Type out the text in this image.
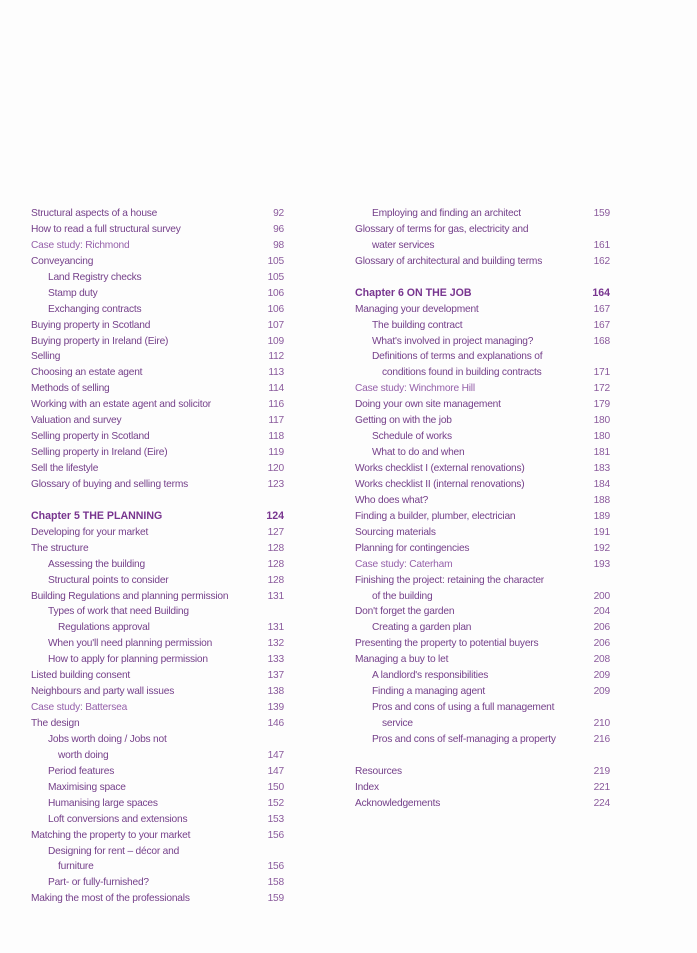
Structural aspects of a house	92
How to read a full structural survey	96
Case study: Richmond	98
Conveyancing	105
Land Registry checks	105
Stamp duty	106
Exchanging contracts	106
Buying property in Scotland	107
Buying property in Ireland (Eire)	109
Selling	112
Choosing an estate agent	113
Methods of selling	114
Working with an estate agent and solicitor	116
Valuation and survey	117
Selling property in Scotland	118
Selling property in Ireland (Eire)	119
Sell the lifestyle	120
Glossary of buying and selling terms	123
Chapter 5 THE PLANNING	124
Developing for your market	127
The structure	128
Assessing the building	128
Structural points to consider	128
Building Regulations and planning permission	131
Types of work that need Building
Regulations approval	131
When you'll need planning permission	132
How to apply for planning permission	133
Listed building consent	137
Neighbours and party wall issues	138
Case study: Battersea	139
The design	146
Jobs worth doing / Jobs not
worth doing	147
Period features	147
Maximising space	150
Humanising large spaces	152
Loft conversions and extensions	153
Matching the property to your market	156
Designing for rent – décor and
furniture	156
Part- or fully-furnished?	158
Making the most of the professionals	159
Employing and finding an architect	159
Glossary of terms for gas, electricity and
water services	161
Glossary of architectural and building terms	162
Chapter 6 ON THE JOB	164
Managing your development	167
The building contract	167
What's involved in project managing?	168
Definitions of terms and explanations of
conditions found in building contracts	171
Case study: Winchmore Hill	172
Doing your own site management	179
Getting on with the job	180
Schedule of works	180
What to do and when	181
Works checklist I (external renovations)	183
Works checklist II (internal renovations)	184
Who does what?	188
Finding a builder, plumber, electrician	189
Sourcing materials	191
Planning for contingencies	192
Case study: Caterham	193
Finishing the project: retaining the character
of the building	200
Don't forget the garden	204
Creating a garden plan	206
Presenting the property to potential buyers	206
Managing a buy to let	208
A landlord's responsibilities	209
Finding a managing agent	209
Pros and cons of using a full management
service	210
Pros and cons of self-managing a property	216
Resources	219
Index	221
Acknowledgements	224
